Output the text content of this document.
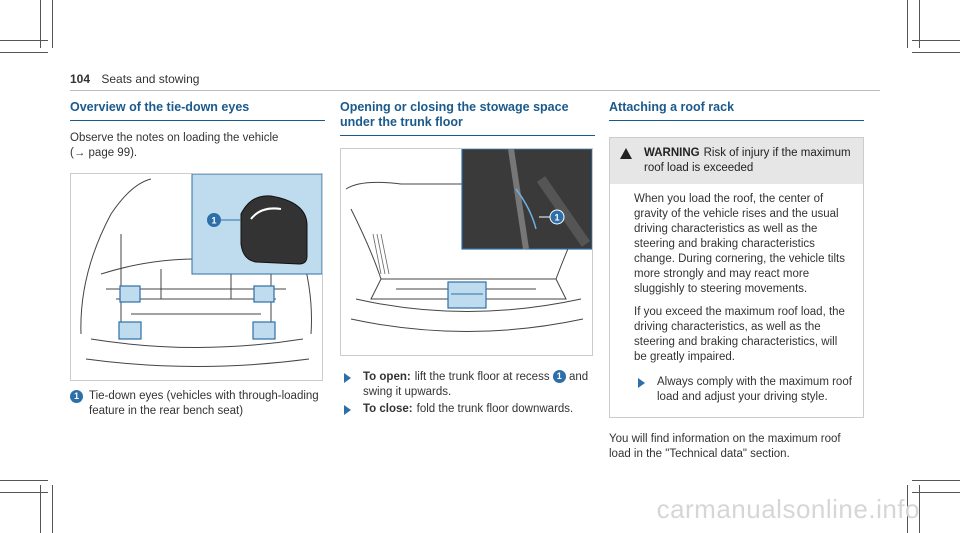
104 Seats and stowing
Overview of the tie-down eyes
Observe the notes on loading the vehicle
(→ page 99).
1
1 Tie-down eyes (vehicles with through-loading feature in the rear bench seat)
Opening or closing the stowage space under the trunk floor
1
To open: lift the trunk floor at recess 1 and swing it upwards.
To close: fold the trunk floor downwards.
Attaching a roof rack
WARNING Risk of injury if the maximum roof load is exceeded

When you load the roof, the center of gravity of the vehicle rises and the usual driving characteristics as well as the steering and braking characteristics change. During cornering, the vehicle tilts more strongly and may react more sluggishly to steering movements.

If you exceed the maximum roof load, the driving characteristics, as well as the steering and braking characteristics, will be greatly impaired.

Always comply with the maximum roof load and adjust your driving style.
You will find information on the maximum roof load in the "Technical data" section.
carmanualsonline.info
